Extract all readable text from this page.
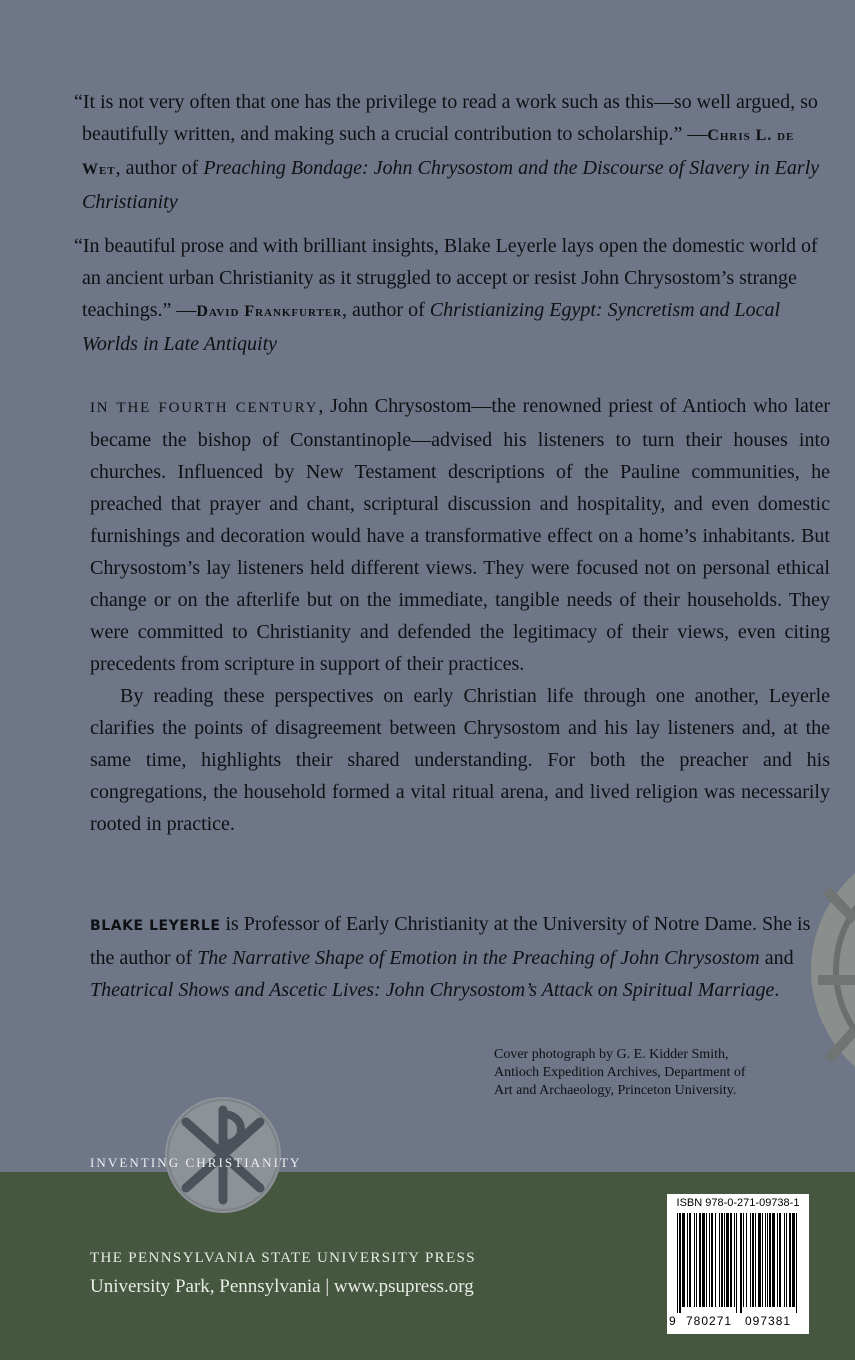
“It is not very often that one has the privilege to read a work such as this—so well argued, so beautifully written, and making such a crucial contribution to scholarship.” —Chris L. de Wet, author of Preaching Bondage: John Chrysostom and the Discourse of Slavery in Early Christianity
“In beautiful prose and with brilliant insights, Blake Leyerle lays open the domestic world of an ancient urban Christianity as it struggled to accept or resist John Chrysostom’s strange teachings.” —David Frankfurter, author of Christianizing Egypt: Syncretism and Local Worlds in Late Antiquity

IN THE FOURTH CENTURY, John Chrysostom—the renowned priest of Antioch who later became the bishop of Constantinople—advised his listeners to turn their houses into churches. Influenced by New Testament descriptions of the Pauline communities, he preached that prayer and chant, scriptural discussion and hospitality, and even domestic furnishings and decoration would have a transformative effect on a home’s inhabitants. But Chrysostom’s lay listeners held different views. They were focused not on personal ethical change or on the afterlife but on the immediate, tangible needs of their households. They were committed to Christianity and defended the legitimacy of their views, even citing precedents from scripture in support of their practices.

By reading these perspectives on early Christian life through one another, Leyerle clarifies the points of disagreement between Chrysostom and his lay listeners and, at the same time, highlights their shared understanding. For both the preacher and his congregations, the household formed a vital ritual arena, and lived religion was necessarily rooted in practice.

BLAKE LEYERLE is Professor of Early Christianity at the University of Notre Dame. She is the author of The Narrative Shape of Emotion in the Preaching of John Chrysostom and Theatrical Shows and Ascetic Lives: John Chrysostom’s Attack on Spiritual Marriage.
Cover photograph by G. E. Kidder Smith,
Antioch Expedition Archives, Department of
Art and Archaeology, Princeton University.
INVENTING CHRISTIANITY
THE PENNSYLVANIA STATE UNIVERSITY PRESS
University Park, Pennsylvania | www.psupress.org
ISBN 978-0-271-09738-1
9 780271 097381
